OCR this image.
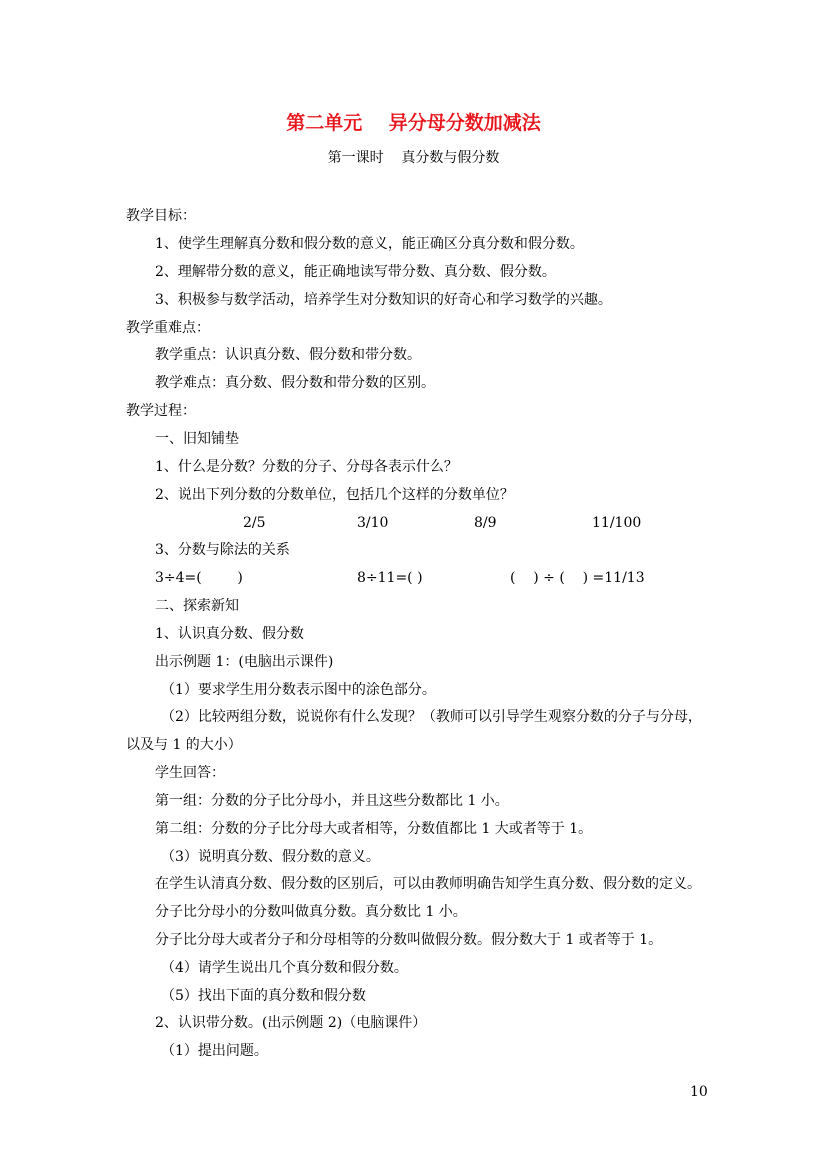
第二单元    异分母分数加减法
第一课时    真分数与假分数
教学目标：
1、使学生理解真分数和假分数的意义，能正确区分真分数和假分数。
2、理解带分数的意义，能正确地读写带分数、真分数、假分数。
3、积极参与数学活动，培养学生对分数知识的好奇心和学习数学的兴趣。
教学重难点：
教学重点：认识真分数、假分数和带分数。
教学难点：真分数、假分数和带分数的区别。
教学过程：
一、旧知铺垫
1、什么是分数？分数的分子、分母各表示什么？
2、说出下列分数的分数单位，包括几个这样的分数单位？
2/5	3/10	8/9	11/100
3、分数与除法的关系
3÷4=(        )	8÷11=( )	(    ) ÷ (    ) =11/13
二、探索新知
1、认识真分数、假分数
出示例题 1：(电脑出示课件)
（1）要求学生用分数表示图中的涂色部分。
（2）比较两组分数，说说你有什么发现？（教师可以引导学生观察分数的分子与分母，
以及与 1 的大小）
学生回答：
第一组：分数的分子比分母小，并且这些分数都比 1 小。
第二组：分数的分子比分母大或者相等，分数值都比 1 大或者等于 1。
（3）说明真分数、假分数的意义。
在学生认清真分数、假分数的区别后，可以由教师明确告知学生真分数、假分数的定义。
分子比分母小的分数叫做真分数。真分数比 1 小。
分子比分母大或者分子和分母相等的分数叫做假分数。假分数大于 1 或者等于 1。
（4）请学生说出几个真分数和假分数。
（5）找出下面的真分数和假分数
2、认识带分数。(出示例题 2)（电脑课件）
（1）提出问题。
10
